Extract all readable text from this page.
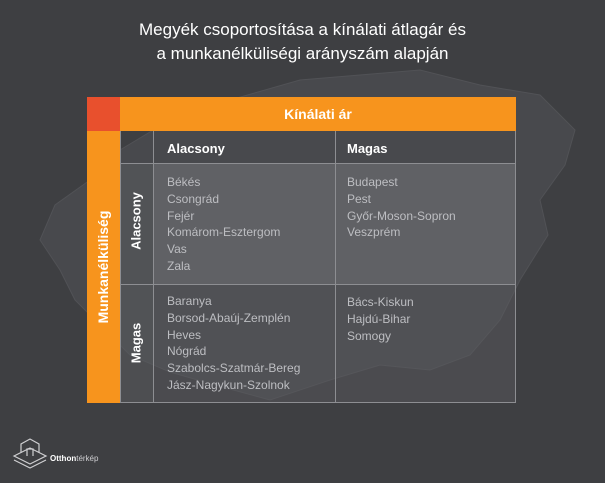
Megyék csoportosítása a kínálati átlagár és
a munkanélküliségi arányszám alapján
Kínálati ár
Munkanélküliség
Alacsony	Magas
Alacsony
Magas
Békés
Csongrád
Fejér
Komárom-Esztergom
Vas
Zala
Budapest
Pest
Győr-Moson-Sopron
Veszprém
Baranya
Borsod-Abaúj-Zemplén
Heves
Nógrád
Szabolcs-Szatmár-Bereg
Jász-Nagykun-Szolnok
Bács-Kiskun
Hajdú-Bihar
Somogy
Otthontérkép
